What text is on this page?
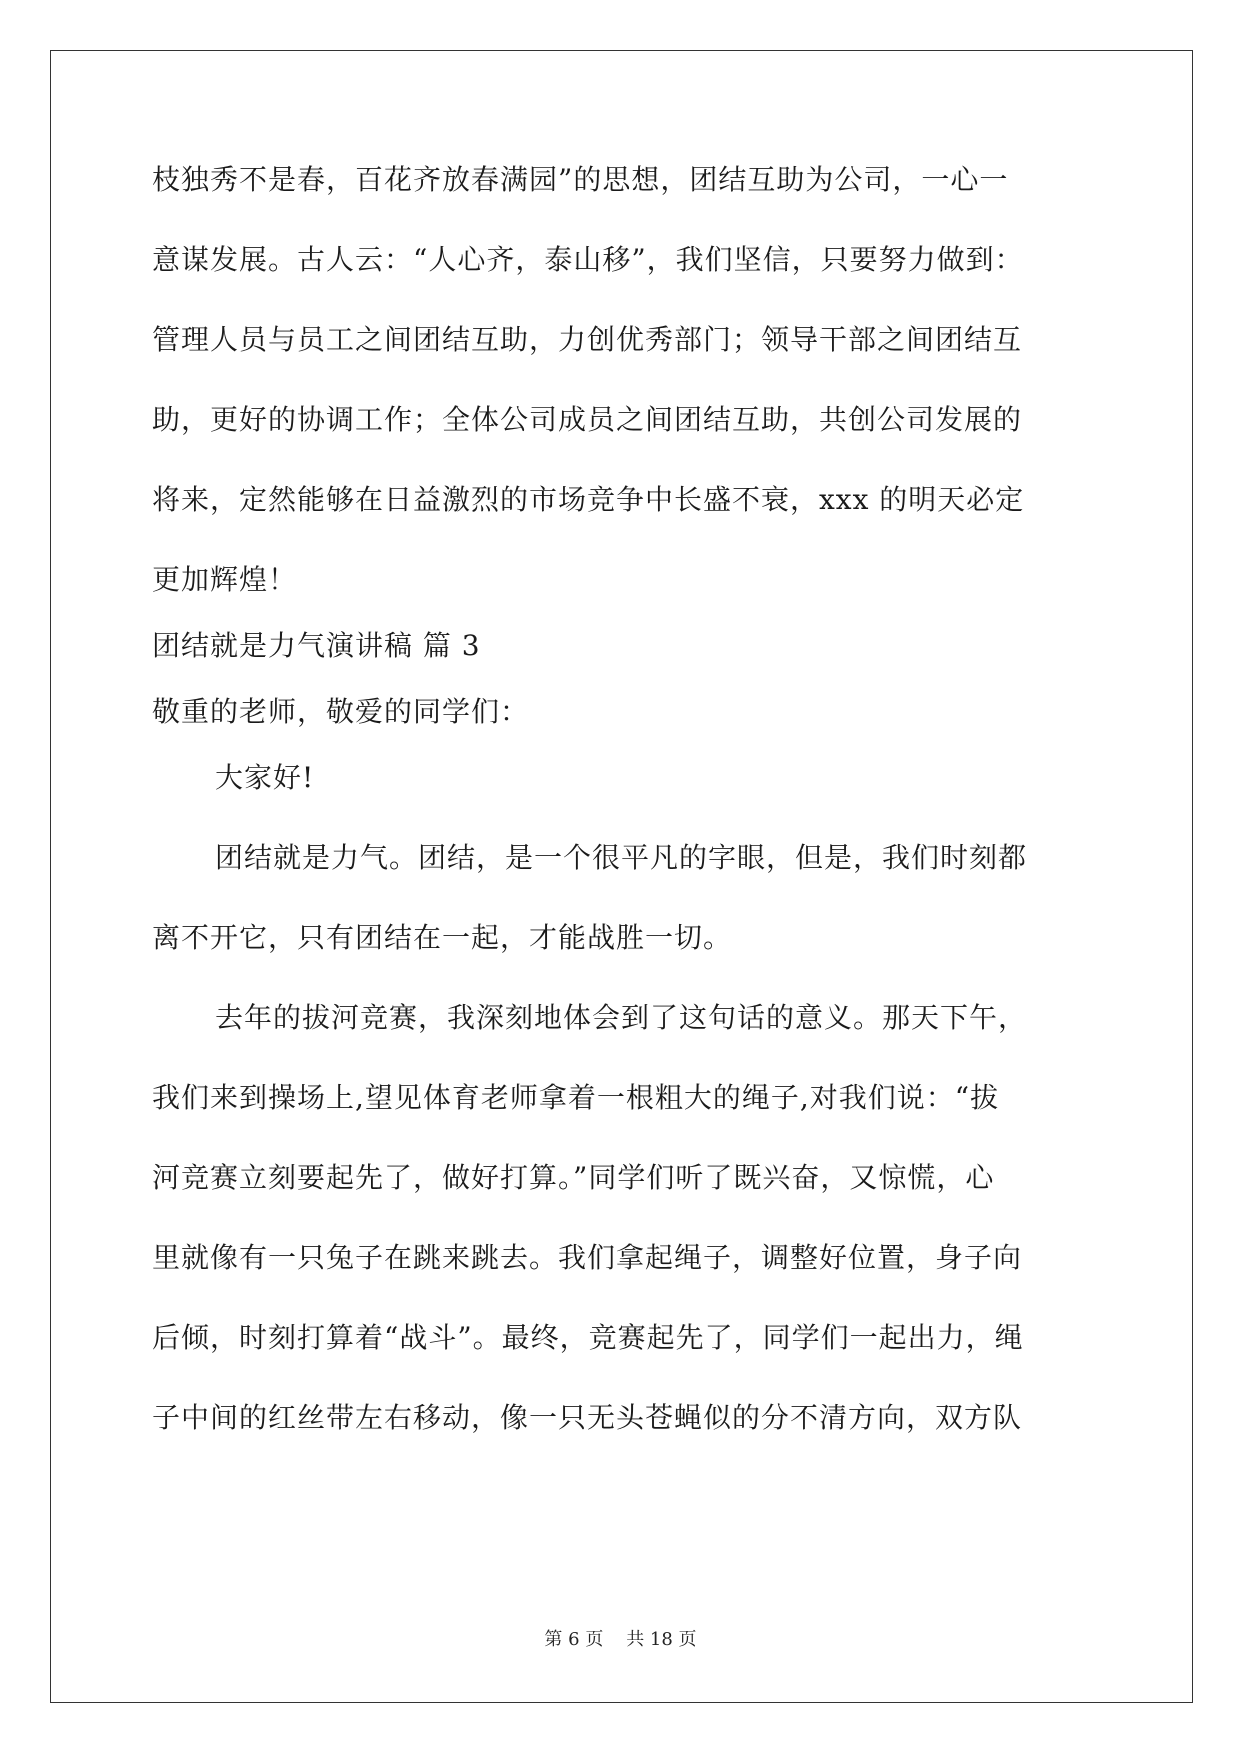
枝独秀不是春，百花齐放春满园”的思想，团结互助为公司，一心一
意谋发展。古人云：“人心齐，泰山移”，我们坚信，只要努力做到：
管理人员与员工之间团结互助，力创优秀部门；领导干部之间团结互
助，更好的协调工作；全体公司成员之间团结互助，共创公司发展的
将来，定然能够在日益激烈的市场竞争中长盛不衰，xxx 的明天必定
更加辉煌！
团结就是力气演讲稿 篇 3
敬重的老师，敬爱的同学们：
大家好!
团结就是力气。团结，是一个很平凡的字眼，但是，我们时刻都
离不开它，只有团结在一起，才能战胜一切。
去年的拔河竞赛，我深刻地体会到了这句话的意义。那天下午，
我们来到操场上,望见体育老师拿着一根粗大的绳子,对我们说：“拔
河竞赛立刻要起先了，做好打算。”同学们听了既兴奋，又惊慌，心
里就像有一只兔子在跳来跳去。我们拿起绳子，调整好位置，身子向
后倾，时刻打算着“战斗”。最终，竞赛起先了，同学们一起出力，绳
子中间的红丝带左右移动，像一只无头苍蝇似的分不清方向，双方队
第 6 页    共 18 页
